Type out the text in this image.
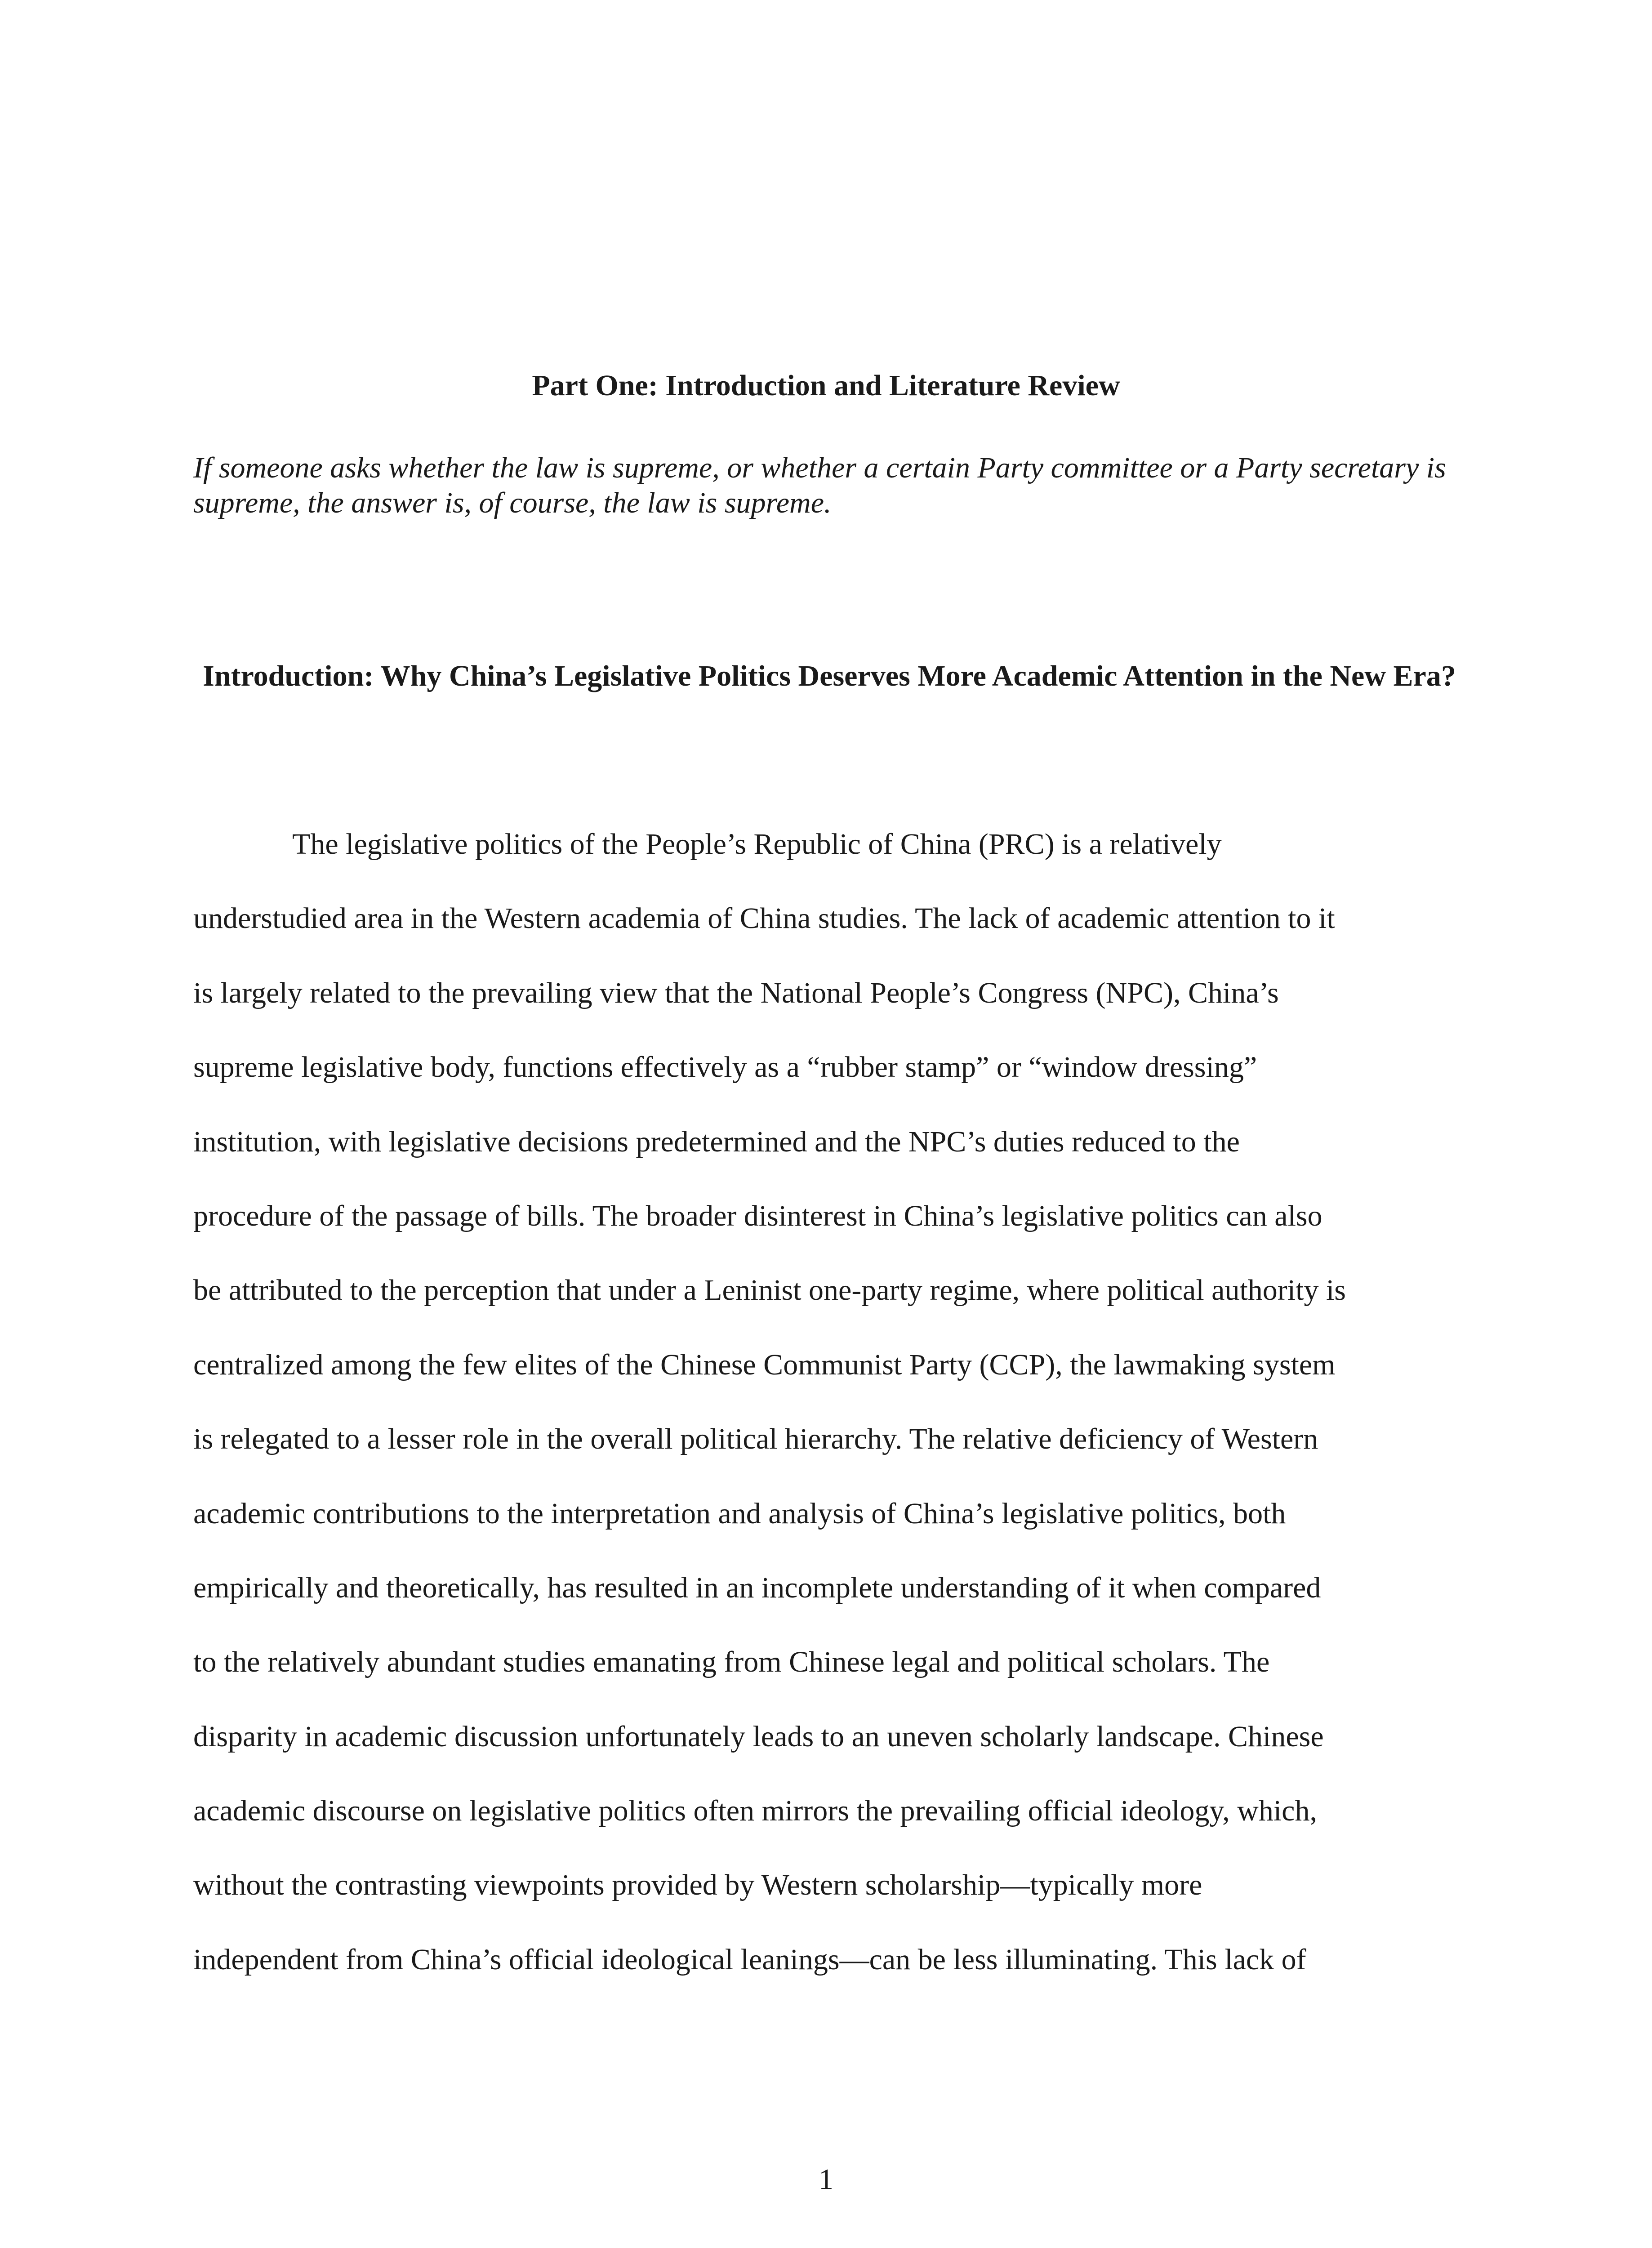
Part One: Introduction and Literature Review

If someone asks whether the law is supreme, or whether a certain Party committee or a Party secretary is supreme, the answer is, of course, the law is supreme.

Introduction: Why China’s Legislative Politics Deserves More Academic Attention in the New Era?
The legislative politics of the People’s Republic of China (PRC) is a relatively
understudied area in the Western academia of China studies. The lack of academic attention to it
is largely related to the prevailing view that the National People’s Congress (NPC), China’s
supreme legislative body, functions effectively as a “rubber stamp” or “window dressing”
institution, with legislative decisions predetermined and the NPC’s duties reduced to the
procedure of the passage of bills. The broader disinterest in China’s legislative politics can also
be attributed to the perception that under a Leninist one-party regime, where political authority is
centralized among the few elites of the Chinese Communist Party (CCP), the lawmaking system
is relegated to a lesser role in the overall political hierarchy. The relative deficiency of Western
academic contributions to the interpretation and analysis of China’s legislative politics, both
empirically and theoretically, has resulted in an incomplete understanding of it when compared
to the relatively abundant studies emanating from Chinese legal and political scholars. The
disparity in academic discussion unfortunately leads to an uneven scholarly landscape. Chinese
academic discourse on legislative politics often mirrors the prevailing official ideology, which,
without the contrasting viewpoints provided by Western scholarship—typically more
independent from China’s official ideological leanings—can be less illuminating. This lack of

1
